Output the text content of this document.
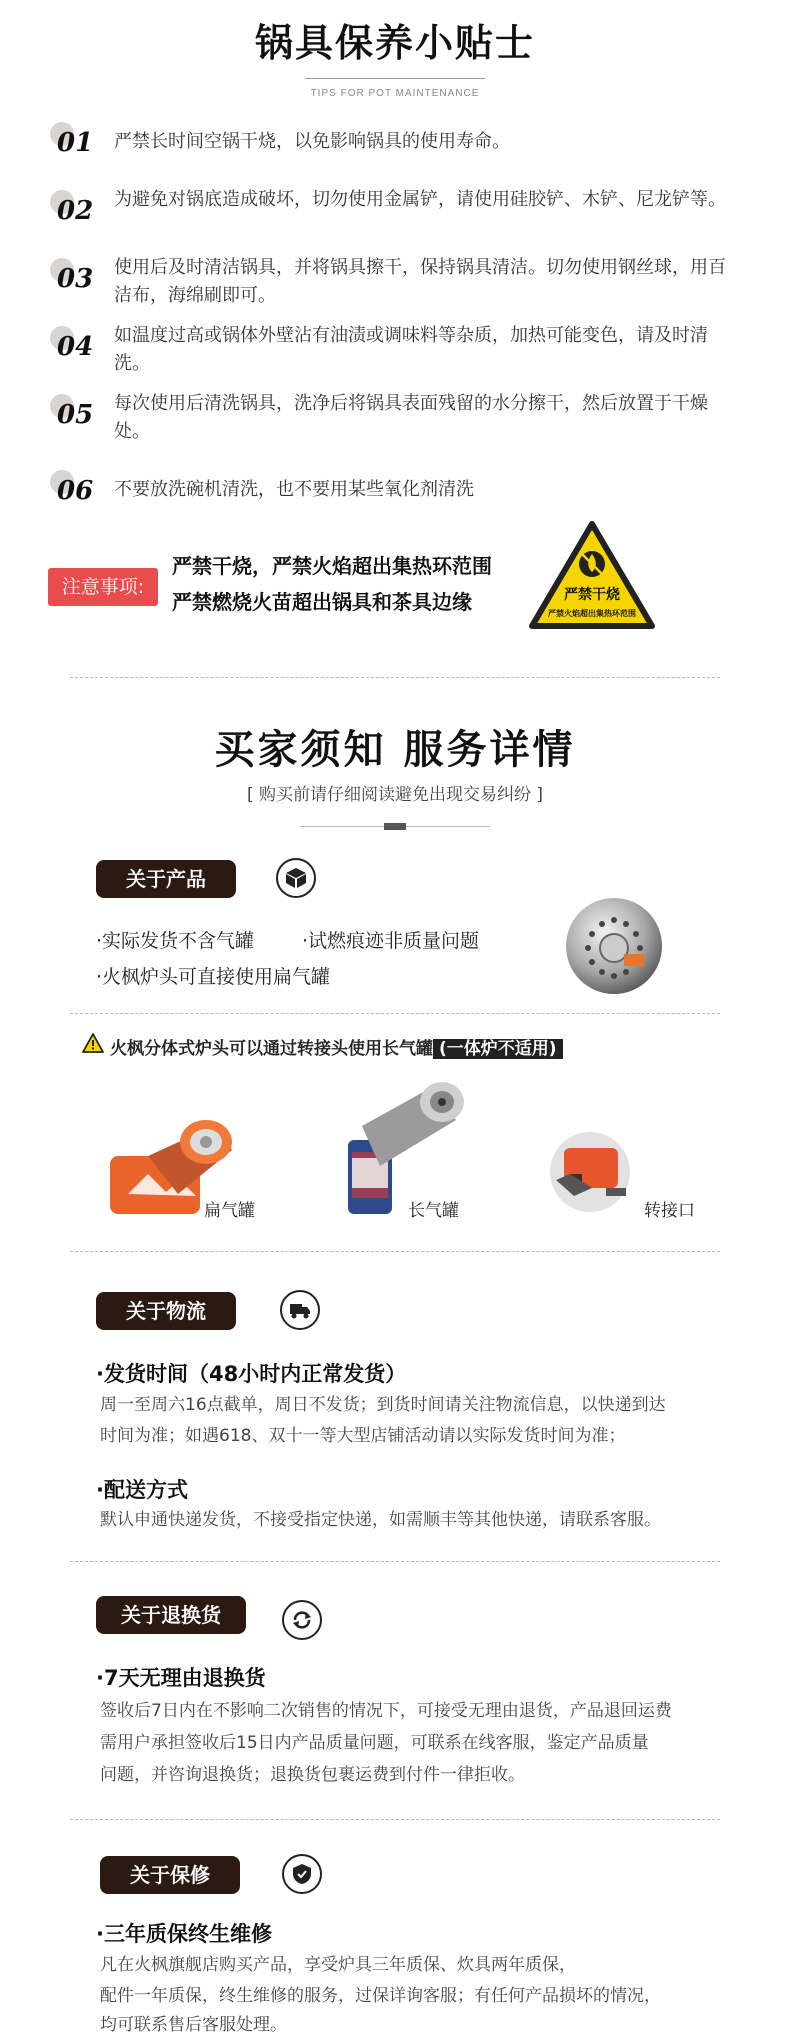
锅具保养小贴士
TIPS FOR POT MAINTENANCE
01 严禁长时间空锅干烧，以免影响锅具的使用寿命。
02 为避免对锅底造成破坏，切勿使用金属铲，请使用硅胶铲、木铲、尼龙铲等。
03 使用后及时清洁锅具，并将锅具擦干，保持锅具清洁。切勿使用钢丝球，用百洁布，海绵刷即可。
04 如温度过高或锅体外壁沾有油渍或调味料等杂质，加热可能变色，请及时清洗。
05 每次使用后清洗锅具，洗净后将锅具表面残留的水分擦干，然后放置于干燥处。
06 不要放洗碗机清洗，也不要用某些氧化剂清洗
注意事项:
严禁干烧，严禁火焰超出集热环范围
严禁燃烧火苗超出锅具和茶具边缘	严禁干烧
严禁火焰超出集热环范围
买家须知 服务详情
[ 购买前请仔细阅读避免出现交易纠纷 ]
关于产品
·实际发货不含气罐	·试燃痕迹非质量问题
·火枫炉头可直接使用扁气罐
火枫分体式炉头可以通过转接头使用长气罐 (一体炉不适用)
扁气罐	长气罐	转接口
关于物流
·发货时间（48小时内正常发货）
周一至周六16点截单，周日不发货；到货时间请关注物流信息，以快递到达
时间为准；如遇618、双十一等大型店铺活动请以实际发货时间为准；
·配送方式
默认申通快递发货，不接受指定快递，如需顺丰等其他快递，请联系客服。
关于退换货
·7天无理由退换货
签收后7日内在不影响二次销售的情况下，可接受无理由退货，产品退回运费
需用户承担签收后15日内产品质量问题，可联系在线客服，鉴定产品质量
问题，并咨询退换货；退换货包裹运费到付件一律拒收。
关于保修
·三年质保终生维修
凡在火枫旗舰店购买产品，享受炉具三年质保、炊具两年质保，
配件一年质保，终生维修的服务，过保详询客服；有任何产品损坏的情况，
均可联系售后客服处理。
